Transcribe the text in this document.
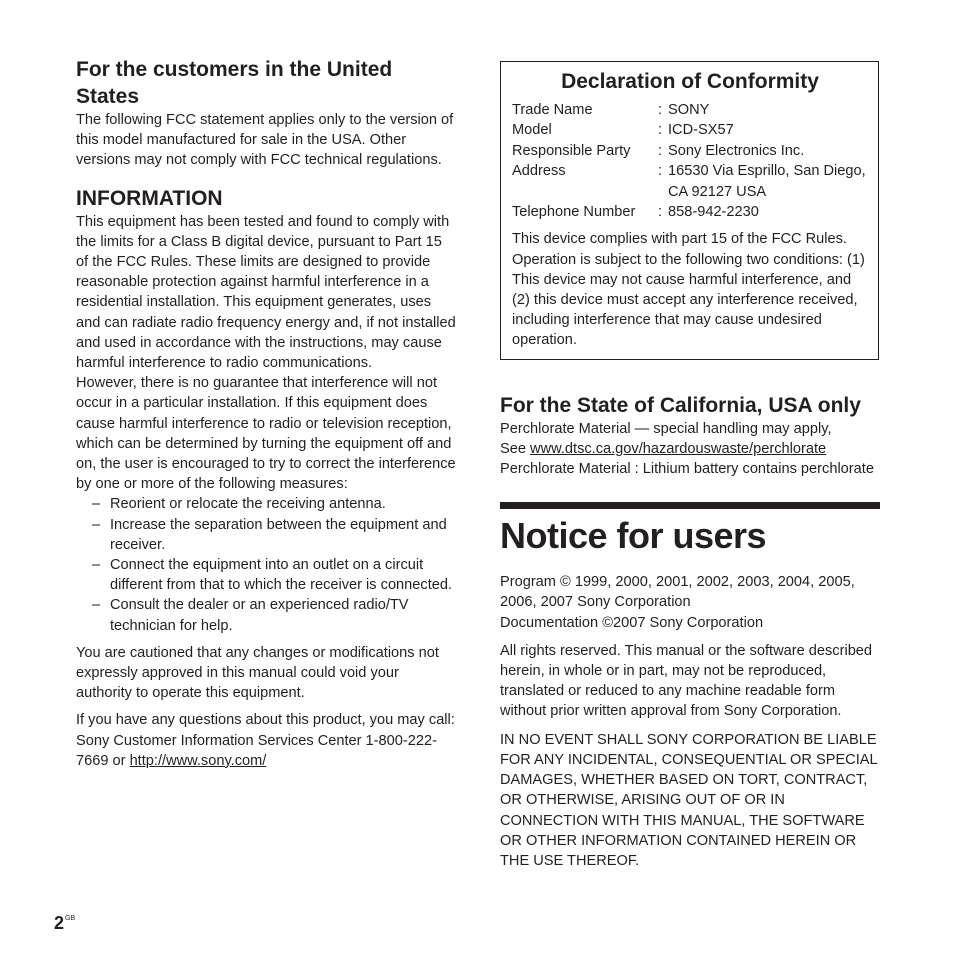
For the customers in the United States

The following FCC statement applies only to the version of this model manufactured for sale in the USA. Other versions may not comply with FCC technical regulations.

INFORMATION

This equipment has been tested and found to comply with the limits for a Class B digital device, pursuant to Part 15 of the FCC Rules. These limits are designed to provide reasonable protection against harmful interference in a residential installation. This equipment generates, uses and can radiate radio frequency energy and, if not installed and used in accordance with the instructions, may cause harmful interference to radio communications.

However, there is no guarantee that interference will not occur in a particular installation. If this equipment does cause harmful interference to radio or television reception, which can be determined by turning the equipment off and on, the user is encouraged to try to correct the interference by one or more of the following measures:

– Reorient or relocate the receiving antenna.
– Increase the separation between the equipment and receiver.
– Connect the equipment into an outlet on a circuit different from that to which the receiver is connected.
– Consult the dealer or an experienced radio/TV technician for help.

You are cautioned that any changes or modifications not expressly approved in this manual could void your authority to operate this equipment.

If you have any questions about this product, you may call: Sony Customer Information Services Center 1-800-222-7669 or http://www.sony.com/

Declaration of Conformity
Trade Name	: SONY
Model	: ICD-SX57
Responsible Party	: Sony Electronics Inc.
Address	: 16530 Via Esprillo, San Diego, CA 92127 USA
Telephone Number	: 858-942-2230

This device complies with part 15 of the FCC Rules. Operation is subject to the following two conditions: (1) This device may not cause harmful interference, and (2) this device must accept any interference received, including interference that may cause undesired operation.

For the State of California, USA only

Perchlorate Material — special handling may apply,

See www.dtsc.ca.gov/hazardouswaste/perchlorate

Perchlorate Material : Lithium battery contains perchlorate

Notice for users

Program © 1999, 2000, 2001, 2002, 2003, 2004, 2005, 2006, 2007 Sony Corporation

Documentation ©2007 Sony Corporation

All rights reserved. This manual or the software described herein, in whole or in part, may not be reproduced, translated or reduced to any machine readable form without prior written approval from Sony Corporation.

IN NO EVENT SHALL SONY CORPORATION BE LIABLE FOR ANY INCIDENTAL, CONSEQUENTIAL OR SPECIAL DAMAGES, WHETHER BASED ON TORT, CONTRACT, OR OTHERWISE, ARISING OUT OF OR IN CONNECTION WITH THIS MANUAL, THE SOFTWARE OR OTHER INFORMATION CONTAINED HEREIN OR THE USE THEREOF.

$2^{GB}$
